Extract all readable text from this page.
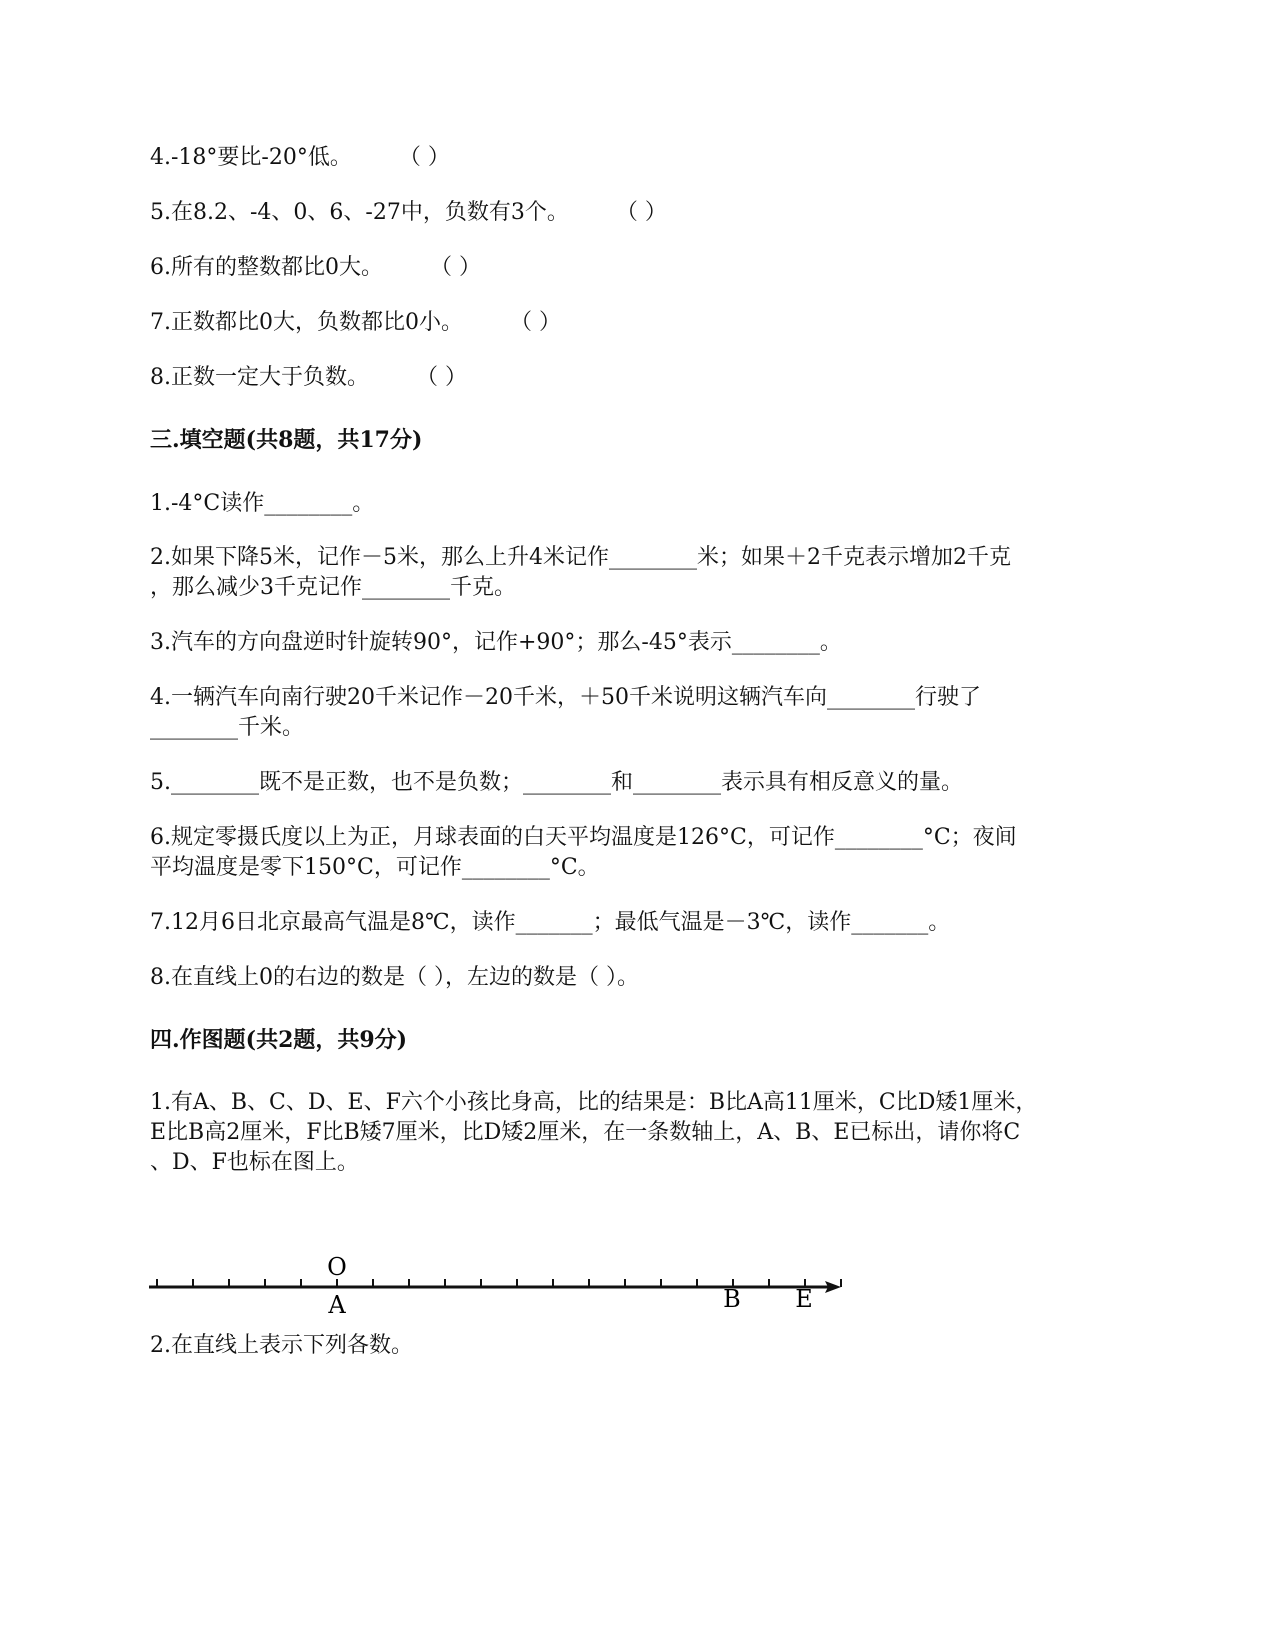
4.-18°要比-20°低。 （ ）
5.在8.2、-4、0、6、-27中，负数有3个。 （ ）
6.所有的整数都比0大。 （ ）
7.正数都比0大，负数都比0小。 （ ）
8.正数一定大于负数。 （ ）
三.填空题(共8题，共17分)
1.-4°C读作________。
2.如果下降5米，记作－5米，那么上升4米记作________米；如果＋2千克表示增加2千克
，那么减少3千克记作________千克。
3.汽车的方向盘逆时针旋转90°，记作+90°；那么-45°表示________。
4.一辆汽车向南行驶20千米记作－20千米，＋50千米说明这辆汽车向________行驶了
________千米。
5.________既不是正数，也不是负数；________和________表示具有相反意义的量。
6.规定零摄氏度以上为正，月球表面的白天平均温度是126°C，可记作________°C；夜间
平均温度是零下150°C，可记作________°C。
7.12月6日北京最高气温是8℃，读作_______；最低气温是－3℃，读作_______。
8.在直线上0的右边的数是（ ），左边的数是（ ）。
四.作图题(共2题，共9分)
1.有A、B、C、D、E、F六个小孩比身高，比的结果是：B比A高11厘米，C比D矮1厘米，
E比B高2厘米，F比B矮7厘米，比D矮2厘米，在一条数轴上，A、B、E已标出，请你将C
、D、F也标在图上。
O
A	B E
2.在直线上表示下列各数。
